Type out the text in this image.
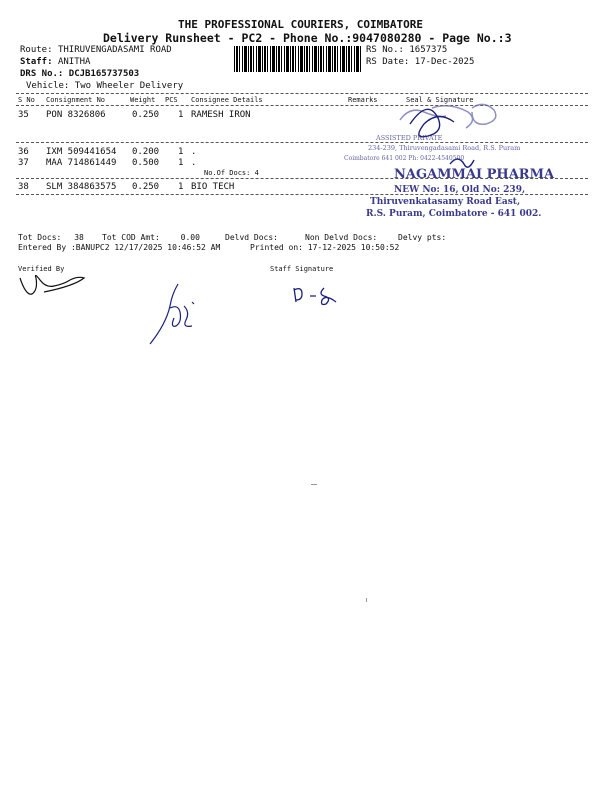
THE PROFESSIONAL COURIERS, COIMBATORE
Delivery Runsheet - PC2 - Phone No.:9047080280 - Page No.:3
Route: THIRUVENGADASAMI ROAD
Staff: ANITHA
DRS No.: DCJB165737503
Vehicle: Two Wheeler Delivery
RS No.: 1657375
RS Date: 17-Dec-2025
S No Consignment No	Weight PCS Consignee Details	Remarks	Seal & Signature
35 PON 8326806	0.250 1 RAMESH IRON
36 IXM 509441654 0.200 1 .
37 MAA 714861449 0.500 1 .
No.Of Docs: 4
38 SLM 384863575 0.250 1 BIO TECH
ASSISTED PRIVATE
234-239, Thiruvengadasami Road, R.S. Puram
Coimbatore 641 002 Ph: 0422-4540500
NAGAMMAI PHARMA
NEW No: 16, Old No: 239,
Thiruvenkatasamy Road East,
R.S. Puram, Coimbatore - 641 002.
Tot Docs: 38 Tot COD Amt:	0.00	Delvd Docs:	Non Delvd Docs:	Delvy pts:
Entered By :BANUPC2 12/17/2025 10:46:52 AM	Printed on: 17-12-2025 10:50:52
Verified By	Staff Signature
